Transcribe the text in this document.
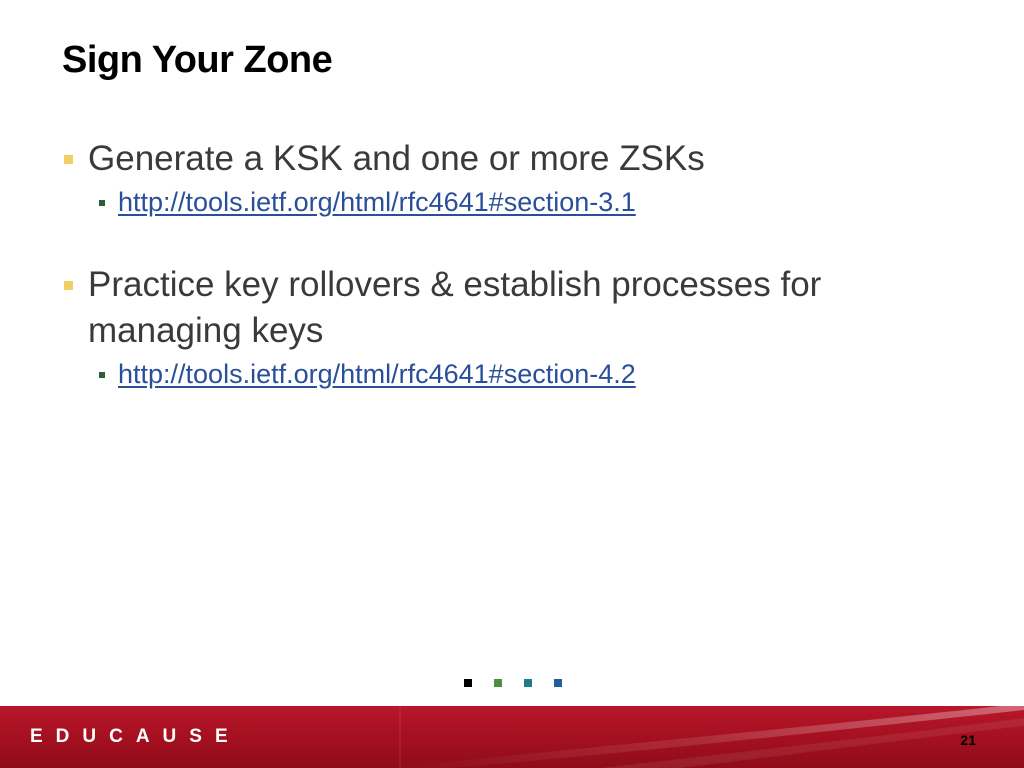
Sign Your Zone
Generate a KSK and one or more ZSKs
http://tools.ietf.org/html/rfc4641#section-3.1
Practice key rollovers & establish processes for managing keys
http://tools.ietf.org/html/rfc4641#section-4.2
EDUCAUSE	21
